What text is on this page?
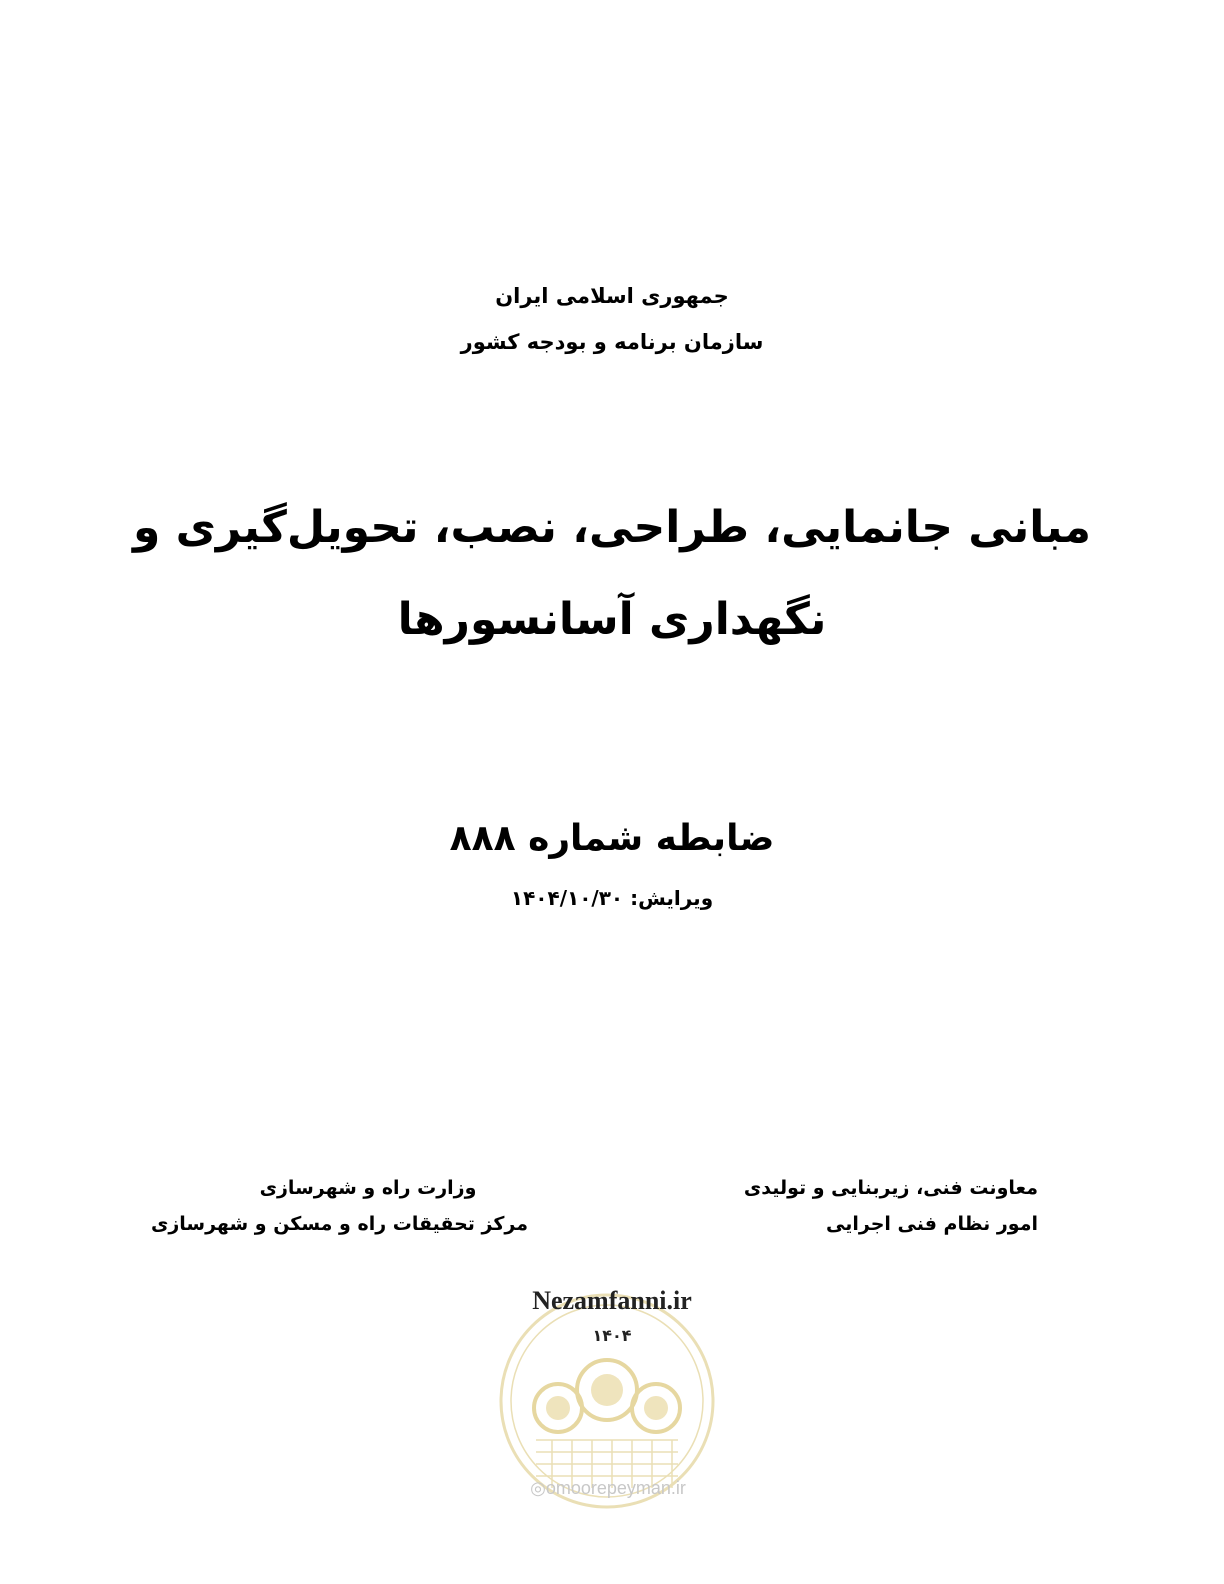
جمهوری اسلامی ایران
سازمان برنامه و بودجه کشور
مبانی جانمایی، طراحی، نصب، تحویل‌گیری و
نگهداری آسانسورها
ضابطه شماره ۸۸۸
ویرایش: ۱۴۰۴/۱۰/۳۰
معاونت فنی، زیربنایی و تولیدی
امور نظام فنی اجرایی
وزارت راه و شهرسازی
مرکز تحقیقات راه و مسکن و شهرسازی
Nezamfanni.ir
۱۴۰۴
◎omoorepeyman.ir
